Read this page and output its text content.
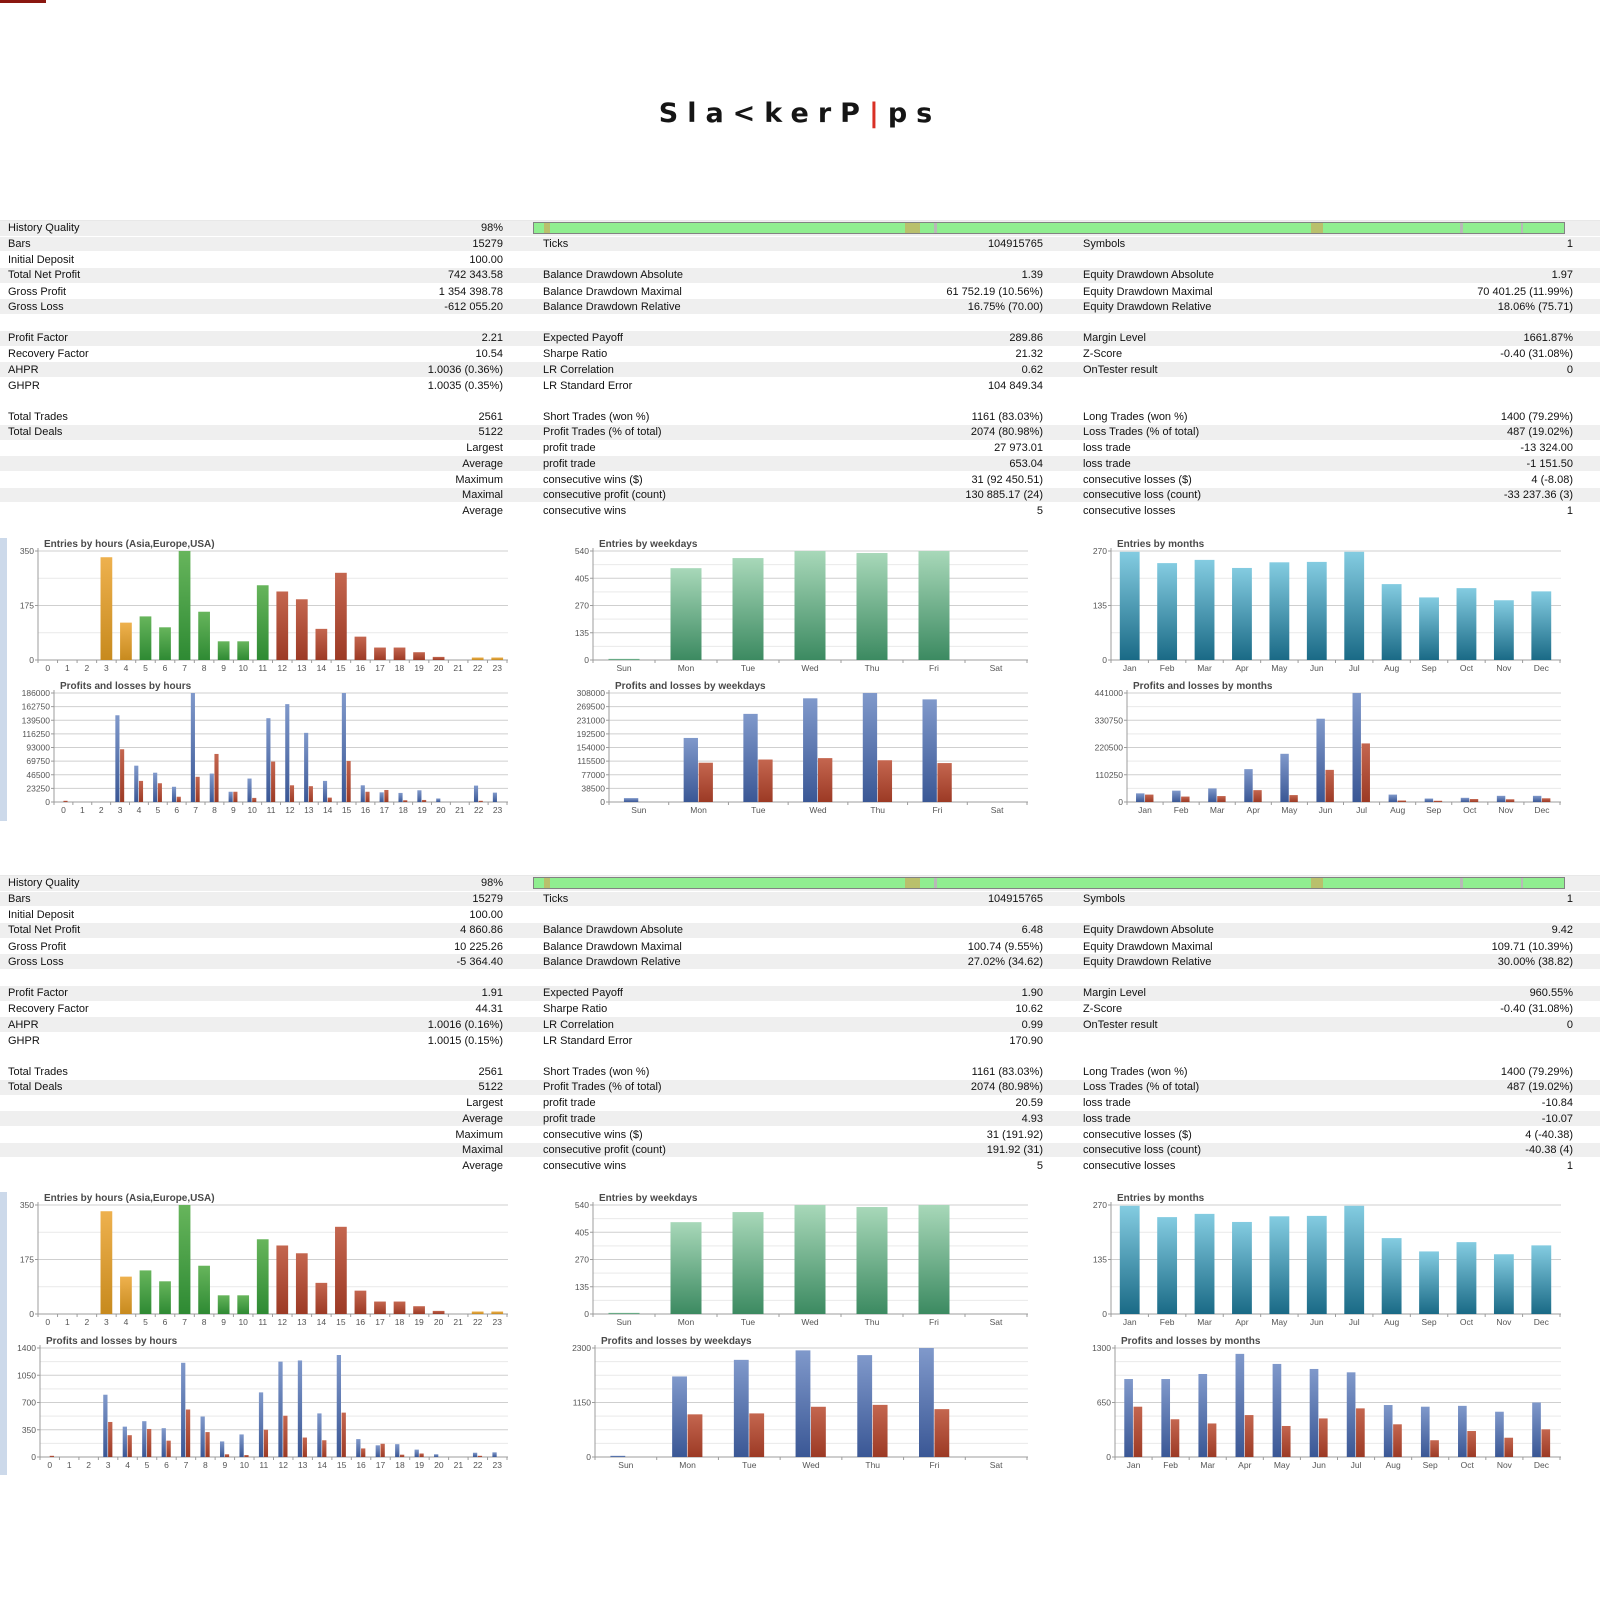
Sla<kerP|ps
History Quality	98%
Bars	15279	Ticks	104915765	Symbols	1
Initial Deposit	100.00
Total Net Profit	742 343.58	Balance Drawdown Absolute	1.39	Equity Drawdown Absolute	1.97
Gross Profit	1 354 398.78	Balance Drawdown Maximal	61 752.19 (10.56%)	Equity Drawdown Maximal	70 401.25 (11.99%)
Gross Loss	-612 055.20	Balance Drawdown Relative	16.75% (70.00)	Equity Drawdown Relative	18.06% (75.71)
Profit Factor	2.21	Expected Payoff	289.86	Margin Level	1661.87%
Recovery Factor	10.54	Sharpe Ratio	21.32	Z-Score	-0.40 (31.08%)
AHPR	1.0036 (0.36%)	LR Correlation	0.62	OnTester result	0
GHPR	1.0035 (0.35%)	LR Standard Error	104 849.34
Total Trades	2561	Short Trades (won %)	1161 (83.03%)	Long Trades (won %)	1400 (79.29%)
Total Deals	5122	Profit Trades (% of total)	2074 (80.98%)	Loss Trades (% of total)	487 (19.02%)
Largest	profit trade	27 973.01	loss trade	-13 324.00
Average	profit trade	653.04	loss trade	-1 151.50
Maximum	consecutive wins ($)	31 (92 450.51)	consecutive losses ($)	4 (-8.08)
Maximal	consecutive profit (count)	130 885.17 (24)	consecutive loss (count)	-33 237.36 (3)
Average	consecutive wins	5	consecutive losses	1
0
175
350
0 1 2 3 4 5 6 7 8 9 10 11 12 13 14 15 16 17 18 19 20 21 22 23
Entries by hours (Asia,Europe,USA)
0
135
270
405
540
Sun	Mon	Tue	Wed	Thu	Fri	Sat
Entries by weekdays
0
135
270
Jan	Feb	Mar	Apr	May	Jun	Jul	Aug	Sep	Oct	Nov	Dec
Entries by months
0
23250
46500
69750
93000
116250
139500
162750
186000
0 1 2 3 4 5 6 7 8 9 10 11 12 13 14 15 16 17 18 19 20 21 22 23
Profits and losses by hours
0
38500
77000
115500
154000
192500
231000
269500
308000
Sun	Mon	Tue	Wed	Thu	Fri	Sat
Profits and losses by weekdays
0
110250
220500
330750
441000
Jan	Feb	Mar	Apr	May Jun	Jul	Aug Sep	Oct	Nov Dec
Profits and losses by months
History Quality	98%
Bars	15279	Ticks	104915765	Symbols	1
Initial Deposit	100.00
Total Net Profit	4 860.86	Balance Drawdown Absolute	6.48	Equity Drawdown Absolute	9.42
Gross Profit	10 225.26	Balance Drawdown Maximal	100.74 (9.55%)	Equity Drawdown Maximal	109.71 (10.39%)
Gross Loss	-5 364.40	Balance Drawdown Relative	27.02% (34.62)	Equity Drawdown Relative	30.00% (38.82)
Profit Factor	1.91	Expected Payoff	1.90	Margin Level	960.55%
Recovery Factor	44.31	Sharpe Ratio	10.62	Z-Score	-0.40 (31.08%)
AHPR	1.0016 (0.16%)	LR Correlation	0.99	OnTester result	0
GHPR	1.0015 (0.15%)	LR Standard Error	170.90
Total Trades	2561	Short Trades (won %)	1161 (83.03%)	Long Trades (won %)	1400 (79.29%)
Total Deals	5122	Profit Trades (% of total)	2074 (80.98%)	Loss Trades (% of total)	487 (19.02%)
Largest	profit trade	20.59	loss trade	-10.84
Average	profit trade	4.93	loss trade	-10.07
Maximum	consecutive wins ($)	31 (191.92)	consecutive losses ($)	4 (-40.38)
Maximal	consecutive profit (count)	191.92 (31)	consecutive loss (count)	-40.38 (4)
Average	consecutive wins	5	consecutive losses	1
0
175
350
0 1 2 3 4 5 6 7 8 9 10 11 12 13 14 15 16 17 18 19 20 21 22 23
Entries by hours (Asia,Europe,USA)
0
135
270
405
540
Sun	Mon	Tue	Wed	Thu	Fri	Sat
Entries by weekdays
0
135
270
Jan	Feb	Mar	Apr	May	Jun	Jul	Aug	Sep	Oct	Nov	Dec
Entries by months
0
350
700
1050
1400
0 1 2 3 4 5 6 7 8 9 10 11 12 13 14 15 16 17 18 19 20 21 22 23
Profits and losses by hours
0
1150
2300
Sun	Mon	Tue	Wed	Thu	Fri	Sat
Profits and losses by weekdays
0
650
1300
Jan	Feb	Mar	Apr	May	Jun	Jul	Aug	Sep	Oct	Nov	Dec
Profits and losses by months
